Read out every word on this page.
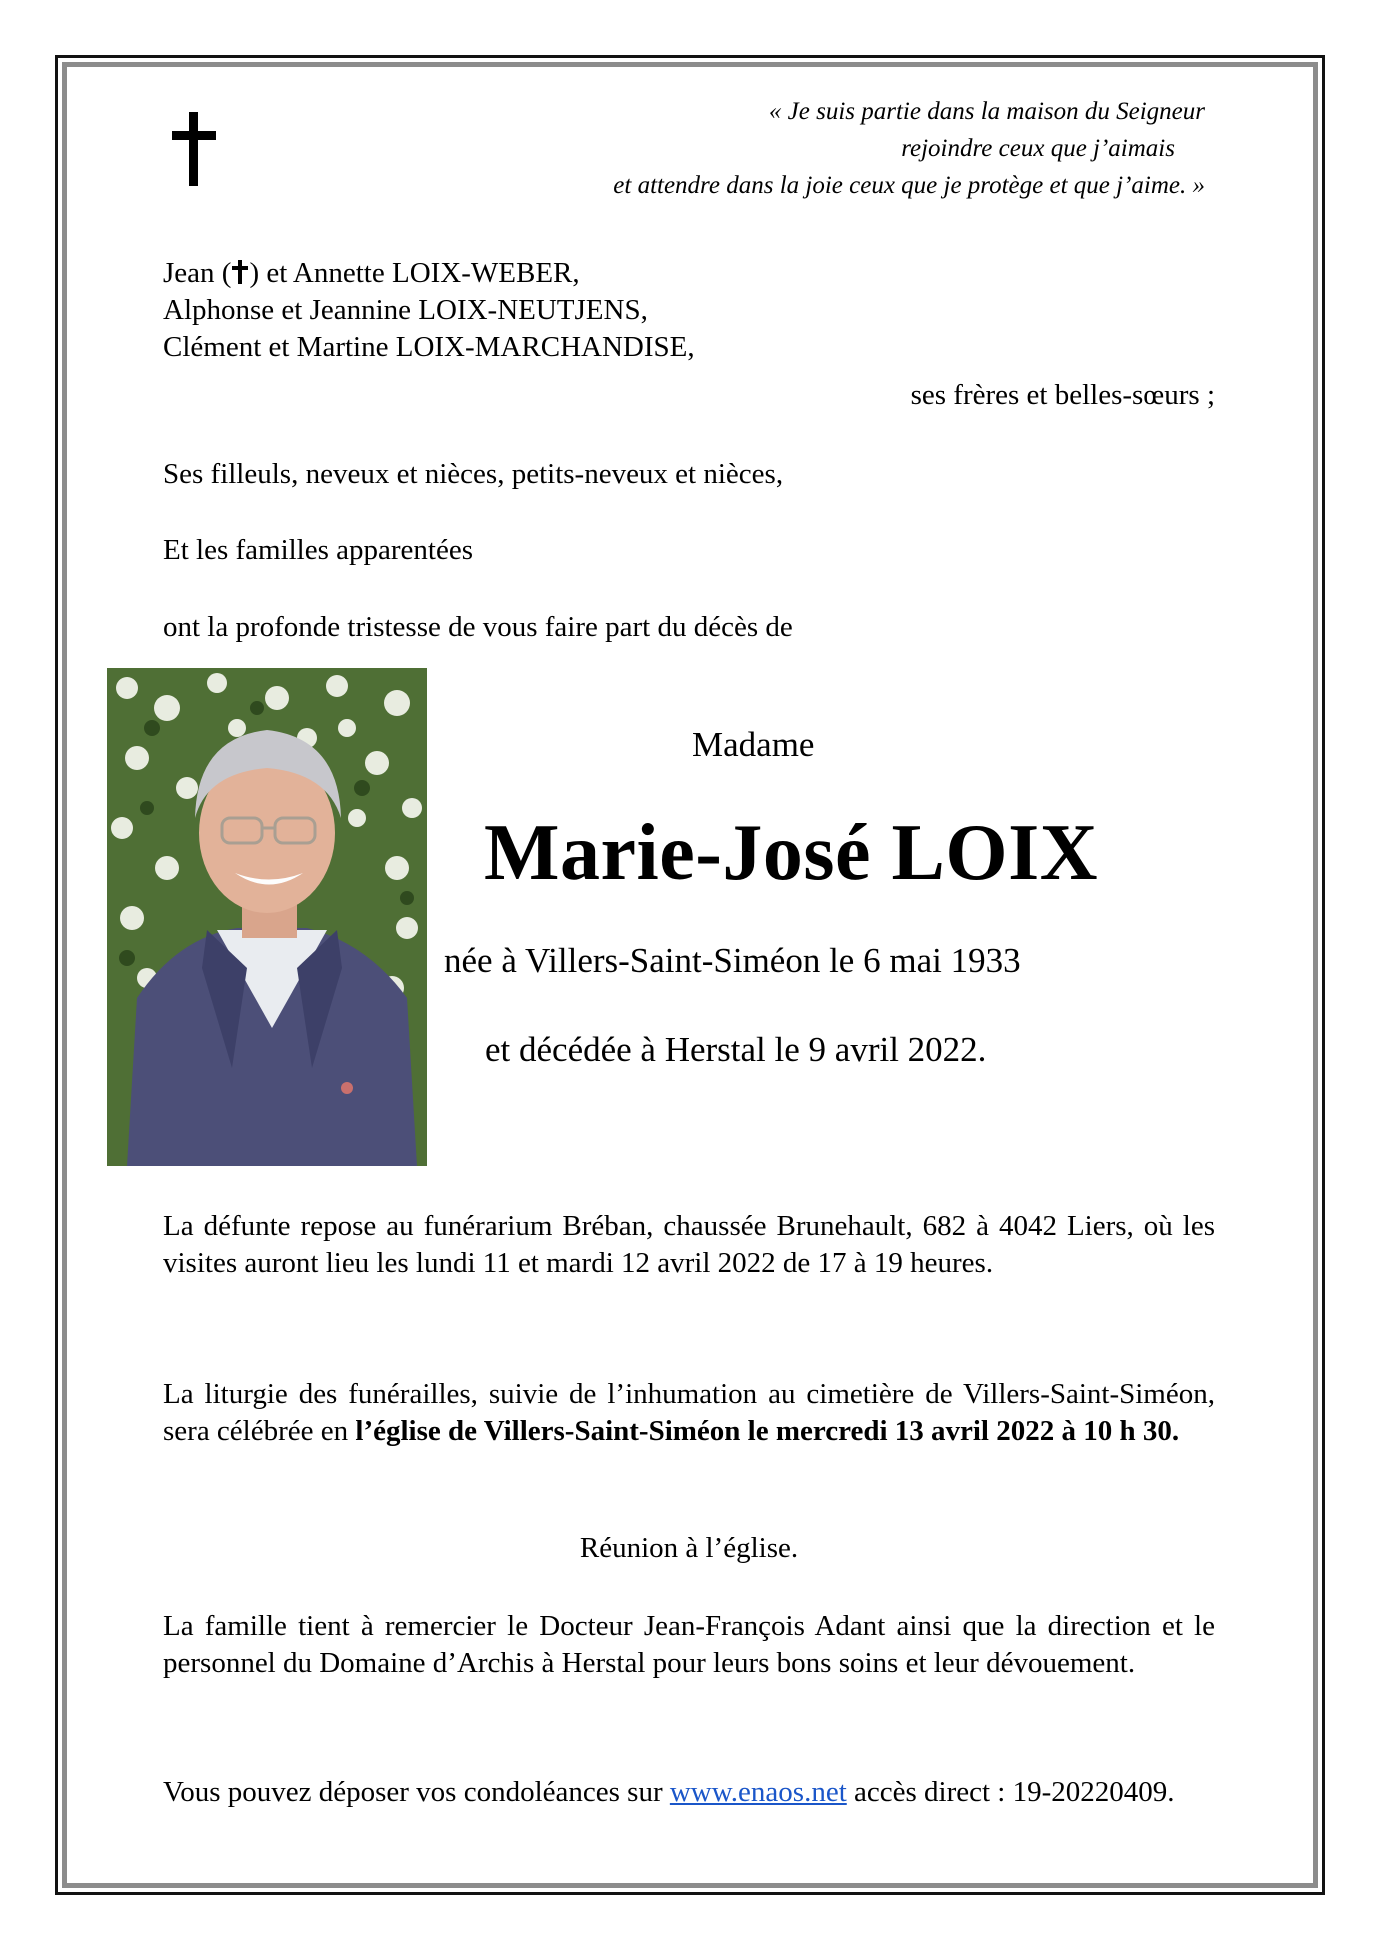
« Je suis partie dans la maison du Seigneur
rejoindre ceux que j’aimais
et attendre dans la joie ceux que je protège et que j’aime. »
Jean ( ) et Annette LOIX-WEBER,
Alphonse et Jeannine LOIX-NEUTJENS,
Clément et Martine LOIX-MARCHANDISE,
ses frères et belles-sœurs ;
Ses filleuls, neveux et nièces, petits-neveux et nièces,
Et les familles apparentées
ont la profonde tristesse de vous faire part du décès de
Madame
Marie-José LOIX
née à Villers-Saint-Siméon le 6 mai 1933
et décédée à Herstal le 9 avril 2022.
La défunte repose au funérarium Bréban, chaussée Brunehault, 682 à 4042 Liers, où les visites auront lieu les lundi 11 et mardi 12 avril 2022 de 17 à 19 heures.
La liturgie des funérailles, suivie de l’inhumation au cimetière de Villers-Saint-Siméon, sera célébrée en l’église de Villers-Saint-Siméon le mercredi 13 avril 2022 à 10 h 30.
Réunion à l’église.
La famille tient à remercier le Docteur Jean-François Adant ainsi que la direction et le personnel du Domaine d’Archis à Herstal pour leurs bons soins et leur dévouement.
Vous pouvez déposer vos condoléances sur www.enaos.net accès direct : 19-20220409.
